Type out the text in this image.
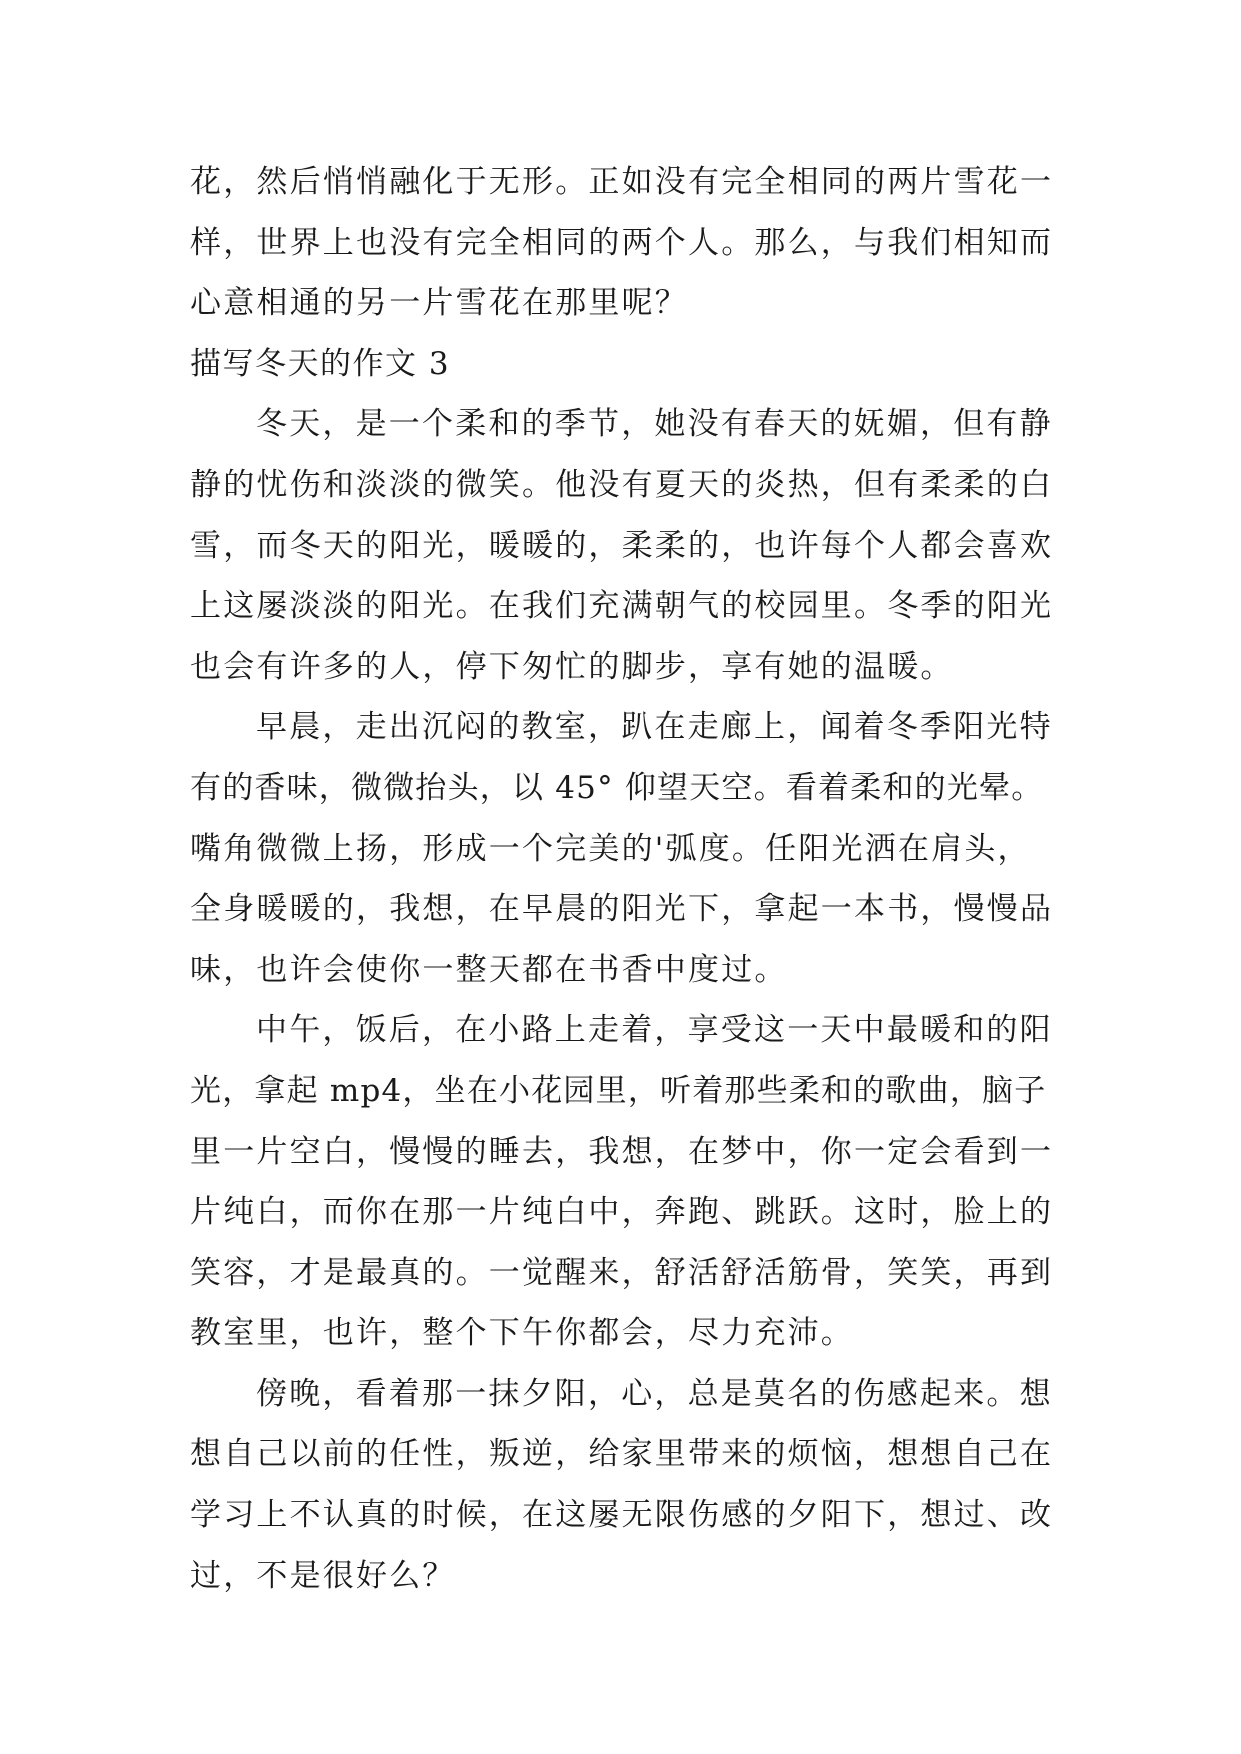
花，然后悄悄融化于无形。正如没有完全相同的两片雪花一
样，世界上也没有完全相同的两个人。那么，与我们相知而
心意相通的另一片雪花在那里呢？
描写冬天的作文 3
冬天，是一个柔和的季节，她没有春天的妩媚，但有静
静的忧伤和淡淡的微笑。他没有夏天的炎热，但有柔柔的白
雪，而冬天的阳光，暖暖的，柔柔的，也许每个人都会喜欢
上这屡淡淡的阳光。在我们充满朝气的校园里。冬季的阳光
也会有许多的人，停下匆忙的脚步，享有她的温暖。
早晨，走出沉闷的教室，趴在走廊上，闻着冬季阳光特
有的香味，微微抬头，以 45° 仰望天空。看着柔和的光晕。
嘴角微微上扬，形成一个完美的'弧度。任阳光洒在肩头，
全身暖暖的，我想，在早晨的阳光下，拿起一本书，慢慢品
味，也许会使你一整天都在书香中度过。
中午，饭后，在小路上走着，享受这一天中最暖和的阳
光，拿起 mp4，坐在小花园里，听着那些柔和的歌曲，脑子
里一片空白，慢慢的睡去，我想，在梦中，你一定会看到一
片纯白，而你在那一片纯白中，奔跑、跳跃。这时，脸上的
笑容，才是最真的。一觉醒来，舒活舒活筋骨，笑笑，再到
教室里，也许，整个下午你都会，尽力充沛。
傍晚，看着那一抹夕阳，心，总是莫名的伤感起来。想
想自己以前的任性，叛逆，给家里带来的烦恼，想想自己在
学习上不认真的时候，在这屡无限伤感的夕阳下，想过、改
过，不是很好么？
